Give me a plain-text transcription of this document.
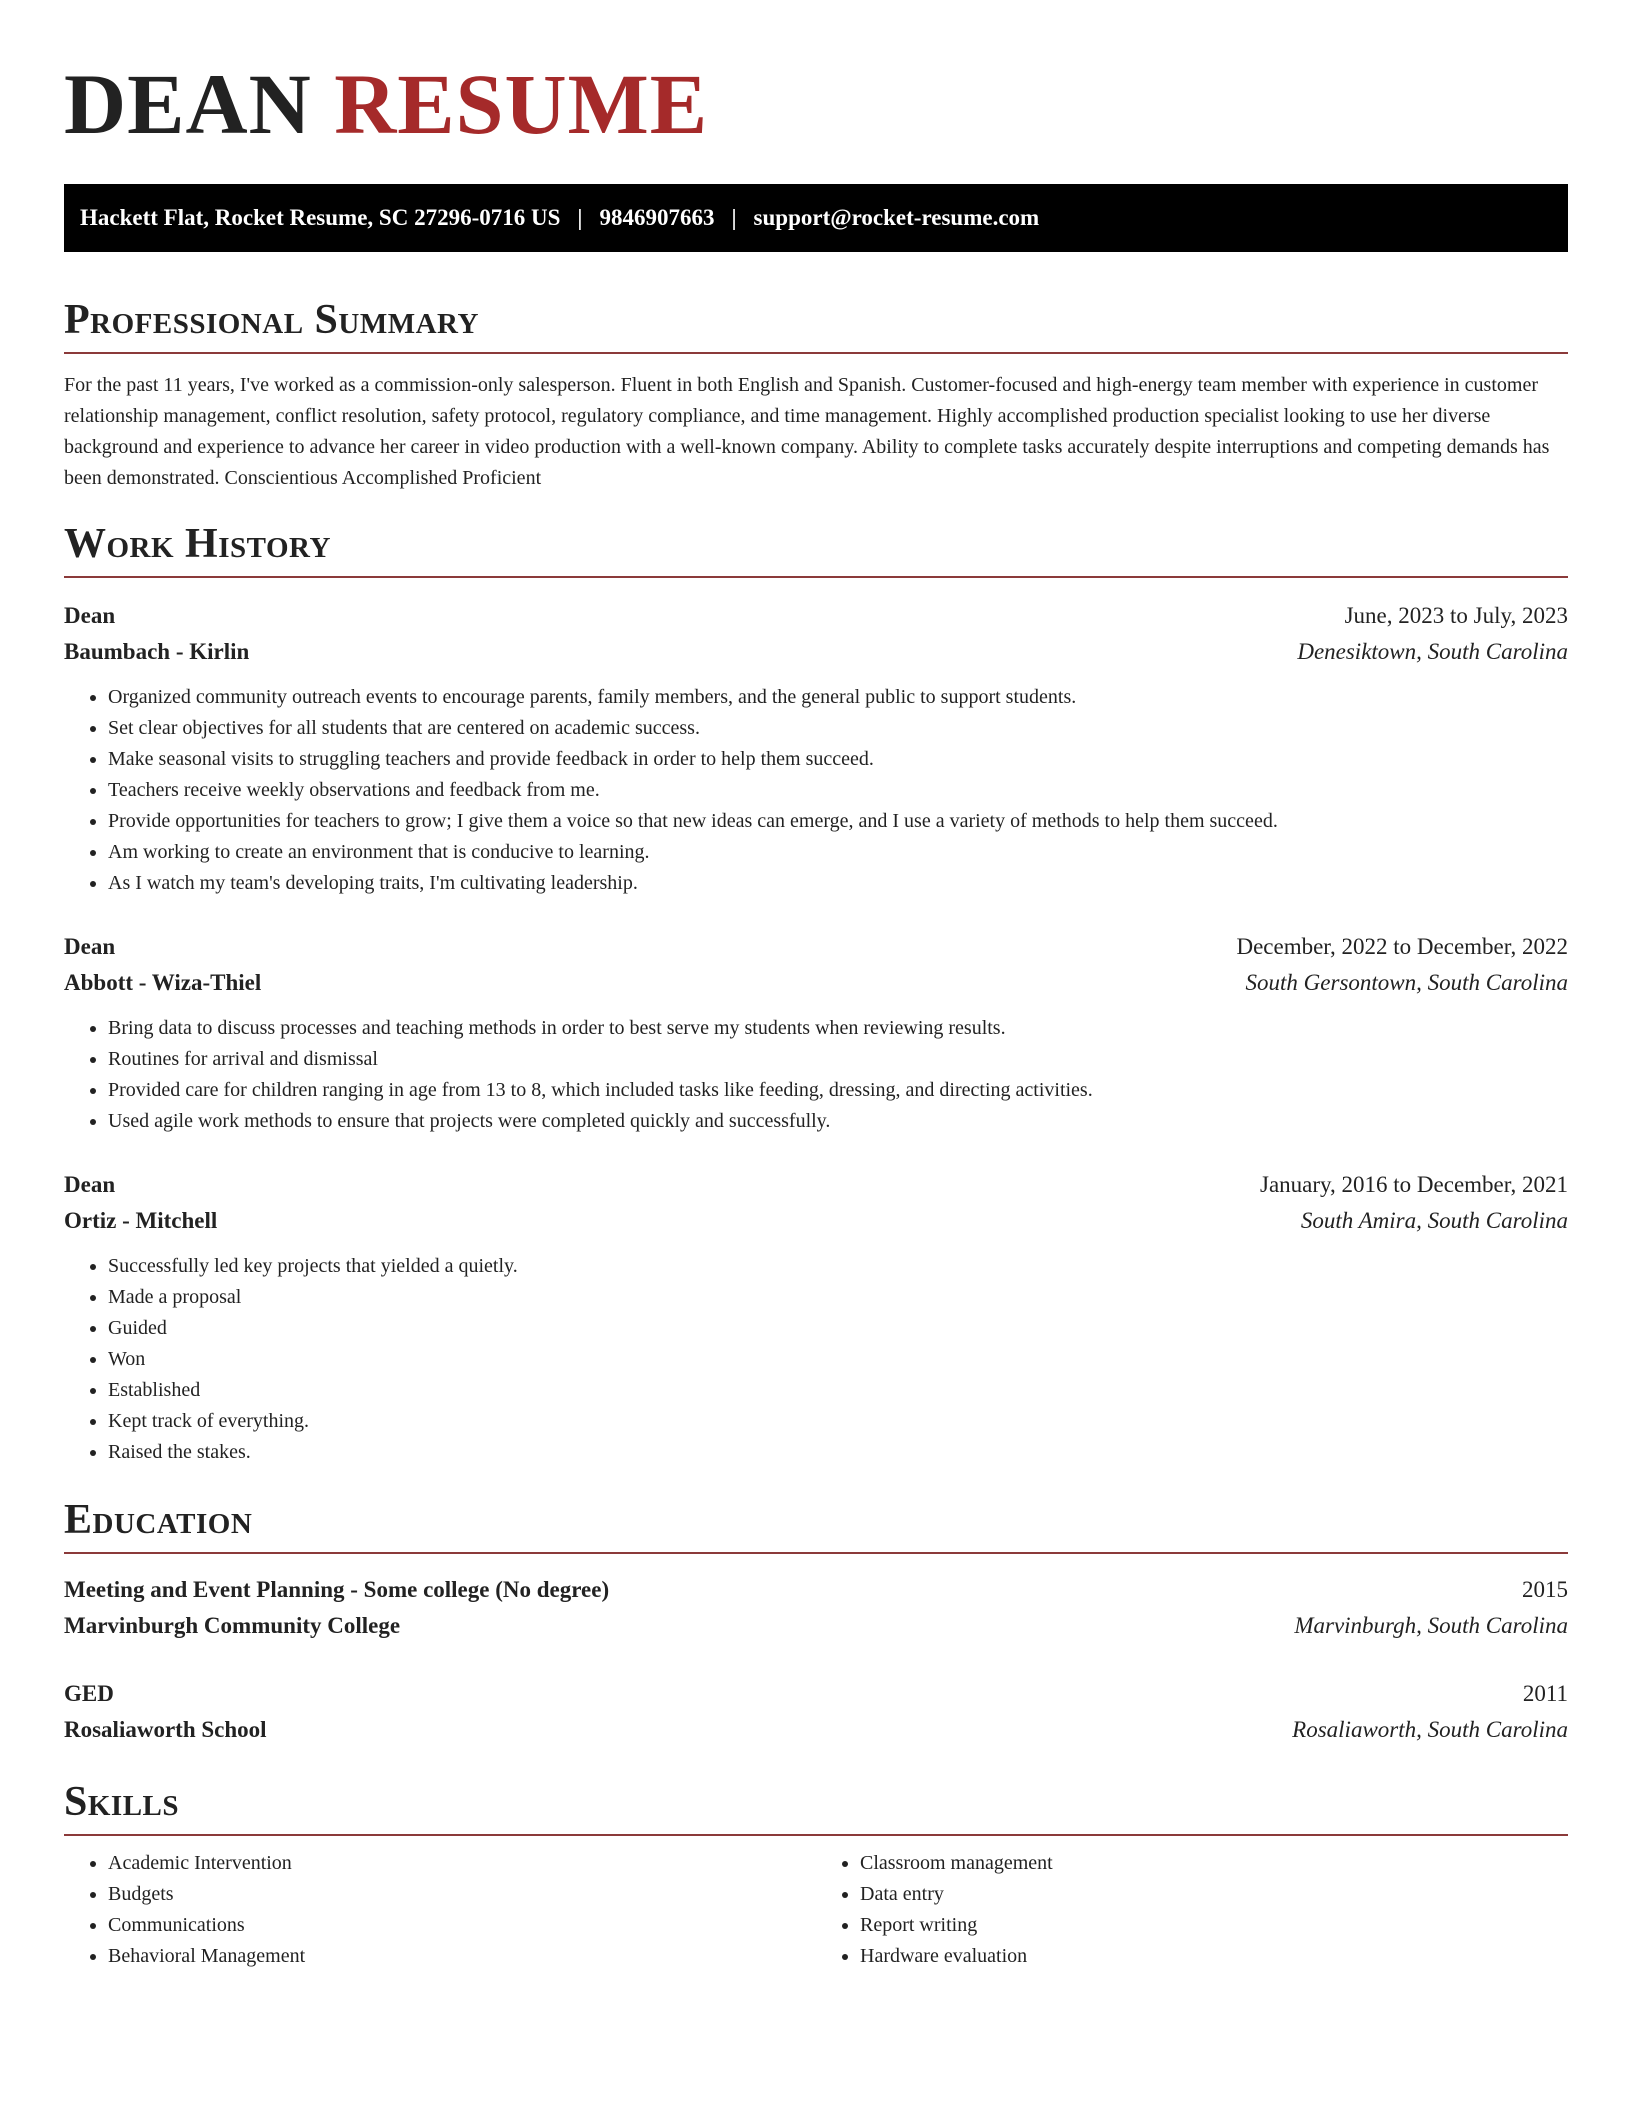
DEAN RESUME
Hackett Flat, Rocket Resume, SC 27296-0716 US | 9846907663 | support@rocket-resume.com
Professional Summary

For the past 11 years, I've worked as a commission-only salesperson. Fluent in both English and Spanish. Customer-focused and high-energy team member with experience in customer relationship management, conflict resolution, safety protocol, regulatory compliance, and time management. Highly accomplished production specialist looking to use her diverse background and experience to advance her career in video production with a well-known company. Ability to complete tasks accurately despite interruptions and competing demands has been demonstrated. Conscientious Accomplished Proficient

Work History
Dean	June, 2023 to July, 2023
Baumbach - Kirlin	Denesiktown, South Carolina
• Organized community outreach events to encourage parents, family members, and the general public to support students.
• Set clear objectives for all students that are centered on academic success.
• Make seasonal visits to struggling teachers and provide feedback in order to help them succeed.
• Teachers receive weekly observations and feedback from me.
• Provide opportunities for teachers to grow; I give them a voice so that new ideas can emerge, and I use a variety of methods to help them succeed.
• Am working to create an environment that is conducive to learning.
• As I watch my team's developing traits, I'm cultivating leadership.
Dean	December, 2022 to December, 2022
Abbott - Wiza-Thiel	South Gersontown, South Carolina
• Bring data to discuss processes and teaching methods in order to best serve my students when reviewing results.
• Routines for arrival and dismissal
• Provided care for children ranging in age from 13 to 8, which included tasks like feeding, dressing, and directing activities.
• Used agile work methods to ensure that projects were completed quickly and successfully.
Dean	January, 2016 to December, 2021
Ortiz - Mitchell	South Amira, South Carolina
• Successfully led key projects that yielded a quietly.
• Made a proposal
• Guided
• Won
• Established
• Kept track of everything.
• Raised the stakes.
Education
Meeting and Event Planning - Some college (No degree)	2015
Marvinburgh Community College	Marvinburgh, South Carolina
GED	2011
Rosaliaworth School	Rosaliaworth, South Carolina
Skills
• Academic Intervention
• Budgets
• Communications
• Behavioral Management
• Classroom management
• Data entry
• Report writing
• Hardware evaluation
